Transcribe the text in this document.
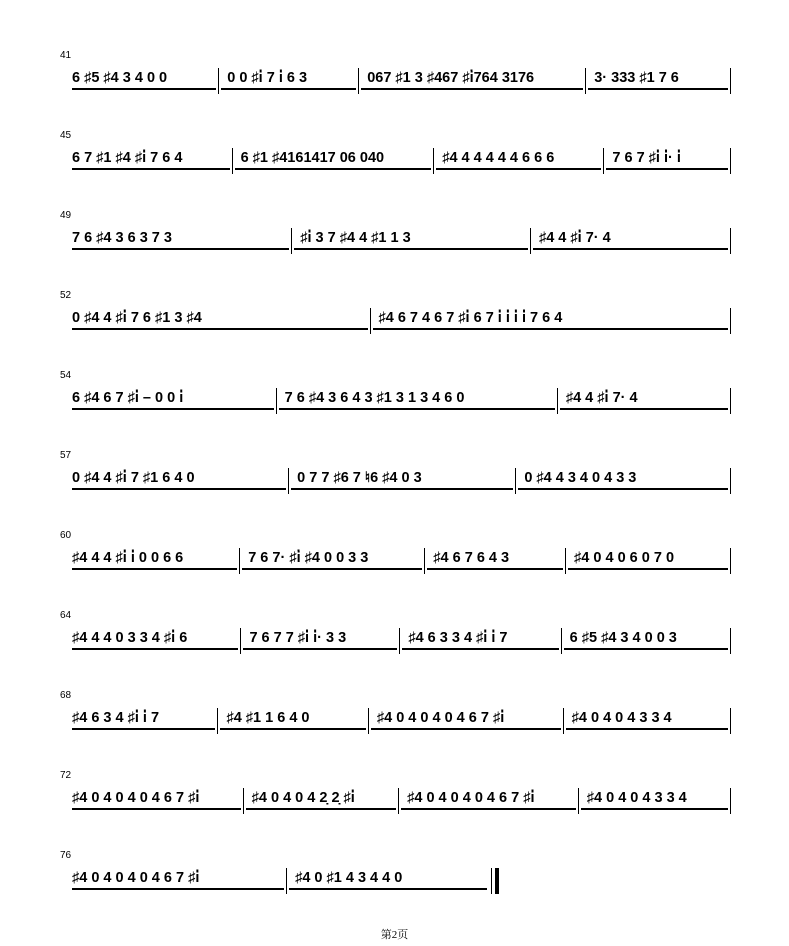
41
6 ♯5 ♯4 3 4 0 0	0 0 ♯i̇ 7 i̇ 6 3	067 ♯1 3 ♯467 ♯i̇764 3176	3· 333 ♯1 7 6
45
6 7 ♯1 ♯4 ♯i̇ 7 6 4	6 ♯1 ♯4161417 06 040	♯4 4 4 4 4 4 6 6 6	7 6 7 ♯i̇ i̇· i̇
49
7 6 ♯4 3 6 3 7 3	♯i̇ 3 7 ♯4 4 ♯1 1 3	♯4 4 ♯i̇ 7· 4
52
0 ♯4 4 ♯i̇ 7 6 ♯1 3 ♯4	♯4 6 7 4 6 7 ♯i̇ 6 7 i̇ i̇ i̇ i̇ 7 6 4
54
6 ♯4 6 7 ♯i̇ – 0 0 i̇	7 6 ♯4 3 6 4 3 ♯1 3 1 3 4 6 0	♯4 4 ♯i̇ 7· 4
57
0 ♯4 4 ♯i̇ 7 ♯1 6 4 0	0 7 7 ♯6 7 ♮6 ♯4 0 3	0 ♯4 4 3 4 0 4 3 3
60
♯4 4 4 ♯i̇ i̇ 0 0 6 6	7 6 7· ♯i̇ ♯4 0 0 3 3	♯4 6 7 6 4 3	♯4 0 4 0 6 0 7 0
64
♯4 4 4 0 3 3 4 ♯i̇ 6	7 6 7 7 ♯i̇ i̇· 3 3	♯4 6 3 3 4 ♯i̇ i̇ 7	6 ♯5 ♯4 3 4 0 0 3
68
♯4 6 3 4 ♯i̇ i̇ 7	♯4 ♯1 1 6 4 0	♯4 0 4 0 4 0 4 6 7 ♯i̇	♯4 0 4 0 4 3 3 4
72
♯4 0 4 0 4 0 4 6 7 ♯i̇	♯4 0 4 0 4 2̣ 2̣ ♯i̇	♯4 0 4 0 4 0 4 6 7 ♯i̇	♯4 0 4 0 4 3 3 4
76
♯4 0 4 0 4 0 4 6 7 ♯i̇	♯4 0 ♯1 4 3 4 4 0
第2页
